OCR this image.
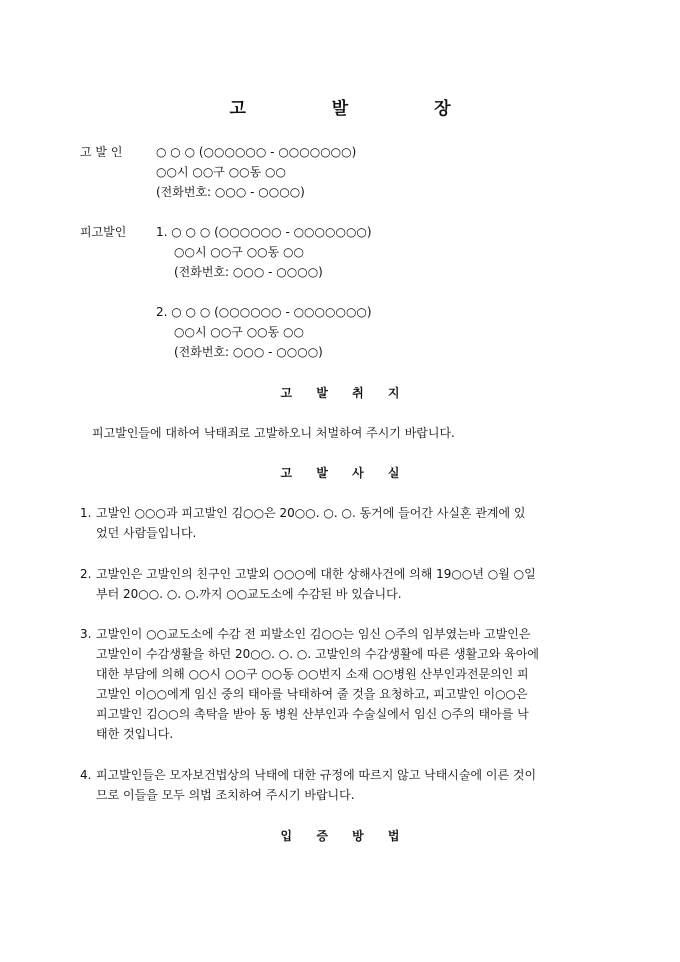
고 발 장
고 발 인	○ ○ ○ (○○○○○○ - ○○○○○○○)
○○시 ○○구 ○○동 ○○
(전화번호: ○○○ - ○○○○)
피고발인 1. ○ ○ ○ (○○○○○○ - ○○○○○○○)
○○시 ○○구 ○○동 ○○
(전화번호: ○○○ - ○○○○)
2. ○ ○ ○ (○○○○○○ - ○○○○○○○)
○○시 ○○구 ○○동 ○○
(전화번호: ○○○ - ○○○○)
고 발 취 지
피고발인들에 대하여 낙태죄로 고발하오니 처벌하여 주시기 바랍니다.
고 발 사 실
1. 고발인 ○○○과 피고발인 김○○은 20○○. ○. ○. 동거에 들어간 사실혼 관계에 있
었던 사람들입니다.
2. 고발인은 고발인의 친구인 고발외 ○○○에 대한 상해사건에 의해 19○○년 ○월 ○일
부터 20○○. ○. ○.까지 ○○교도소에 수감된 바 있습니다.
3. 고발인이 ○○교도소에 수감 전 피발소인 김○○는 임신 ○주의 임부였는바 고발인은
고발인이 수감생활을 하던 20○○. ○. ○. 고발인의 수감생활에 따른 생활고와 육아에
대한 부담에 의해 ○○시 ○○구 ○○동 ○○번지 소재 ○○병원 산부인과전문의인 피
고발인 이○○에게 임신 중의 태아를 낙태하여 줄 것을 요청하고, 피고발인 이○○은
피고발인 김○○의 촉탁을 받아 동 병원 산부인과 수술실에서 임신 ○주의 태아를 낙
태한 것입니다.
4. 피고발인들은 모자보건법상의 낙태에 대한 규정에 따르지 않고 낙태시술에 이른 것이
므로 이들을 모두 의법 조치하여 주시기 바랍니다.
입 증 방 법
